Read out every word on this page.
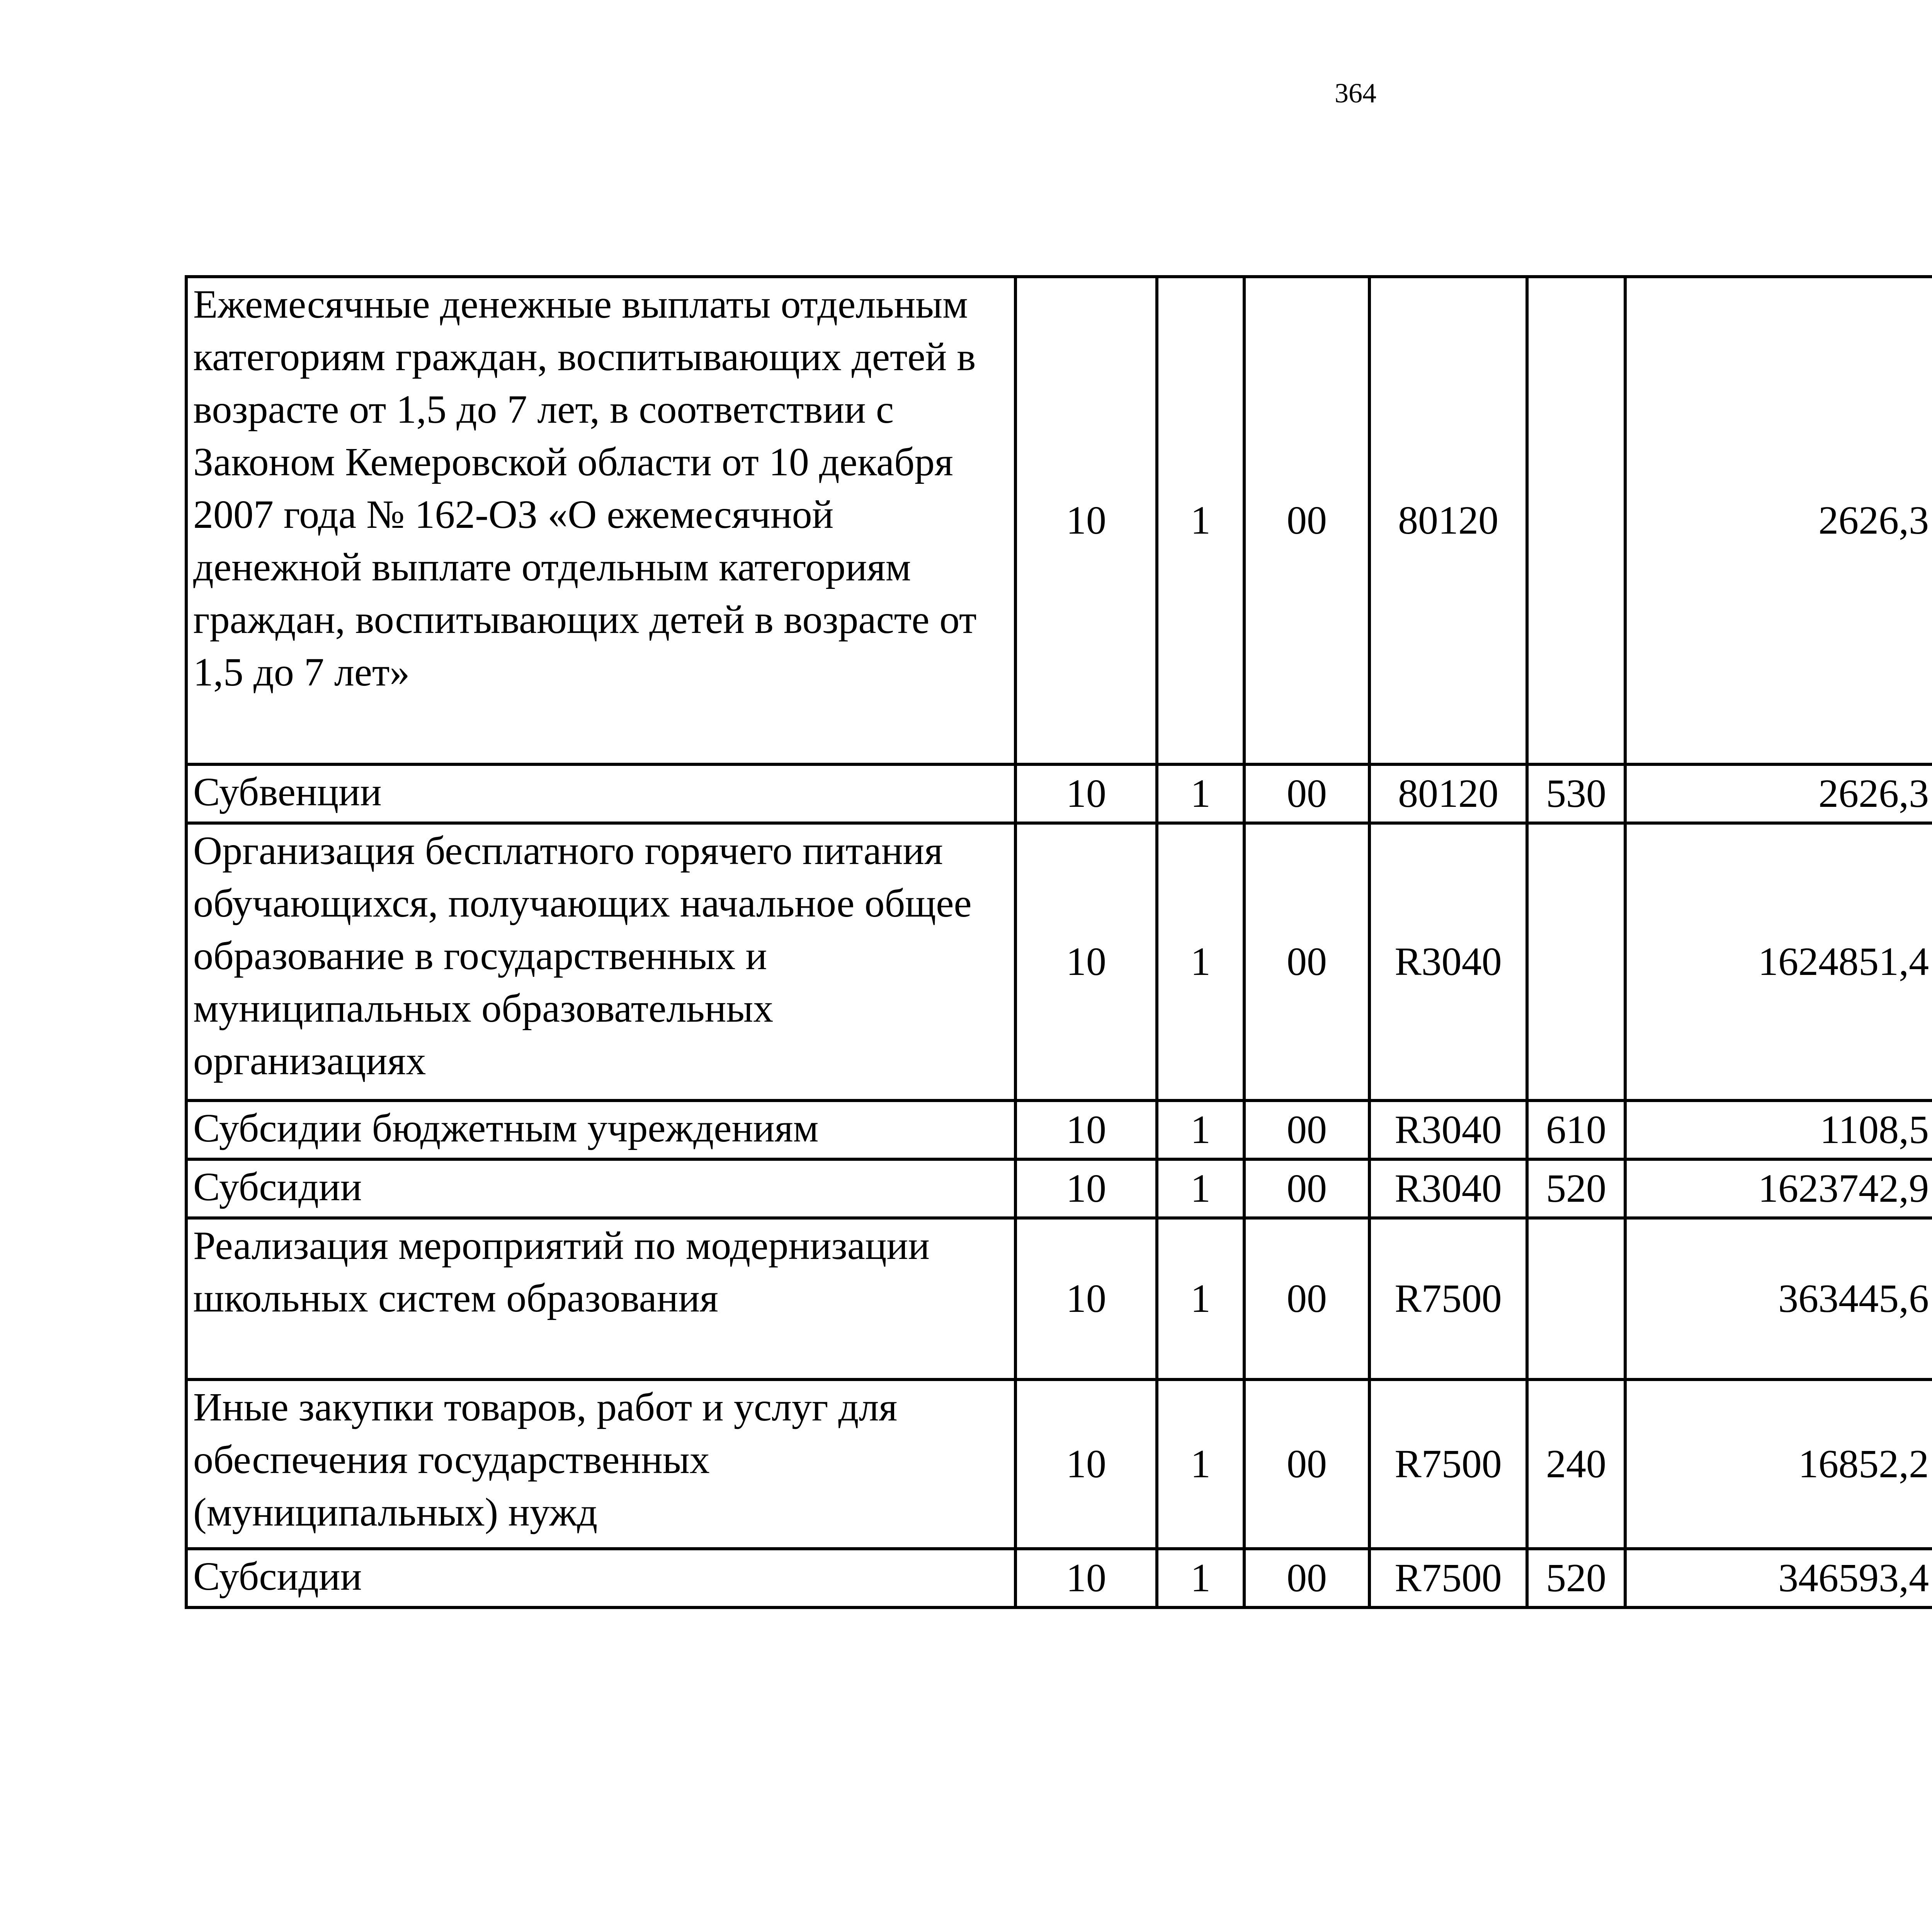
364
Ежемесячные денежные выплаты отдельным категориям граждан, воспитывающих детей в возрасте от 1,5 до 7 лет, в соответствии с Законом Кемеровской области от 10 декабря 2007 года № 162-ОЗ «О ежемесячной денежной выплате отдельным категориям граждан, воспитывающих детей в возрасте от 1,5 до 7 лет»	10	1	00	80120		2626,3		
Субвенции	10	1	00	80120	530	2626,3		
Организация бесплатного горячего питания обучающихся, получающих начальное общее образование в государственных и муниципальных образовательных организациях	10	1	00	R3040		1624851,4		
Субсидии бюджетным учреждениям	10	1	00	R3040	610	1108,5		
Субсидии	10	1	00	R3040	520	1623742,9		
Реализация мероприятий по модернизации школьных систем образования	10	1	00	R7500		363445,6		
Иные закупки товаров, работ и услуг для обеспечения государственных (муниципальных) нужд	10	1	00	R7500	240	16852,2		
Субсидии	10	1	00	R7500	520	346593,4		
